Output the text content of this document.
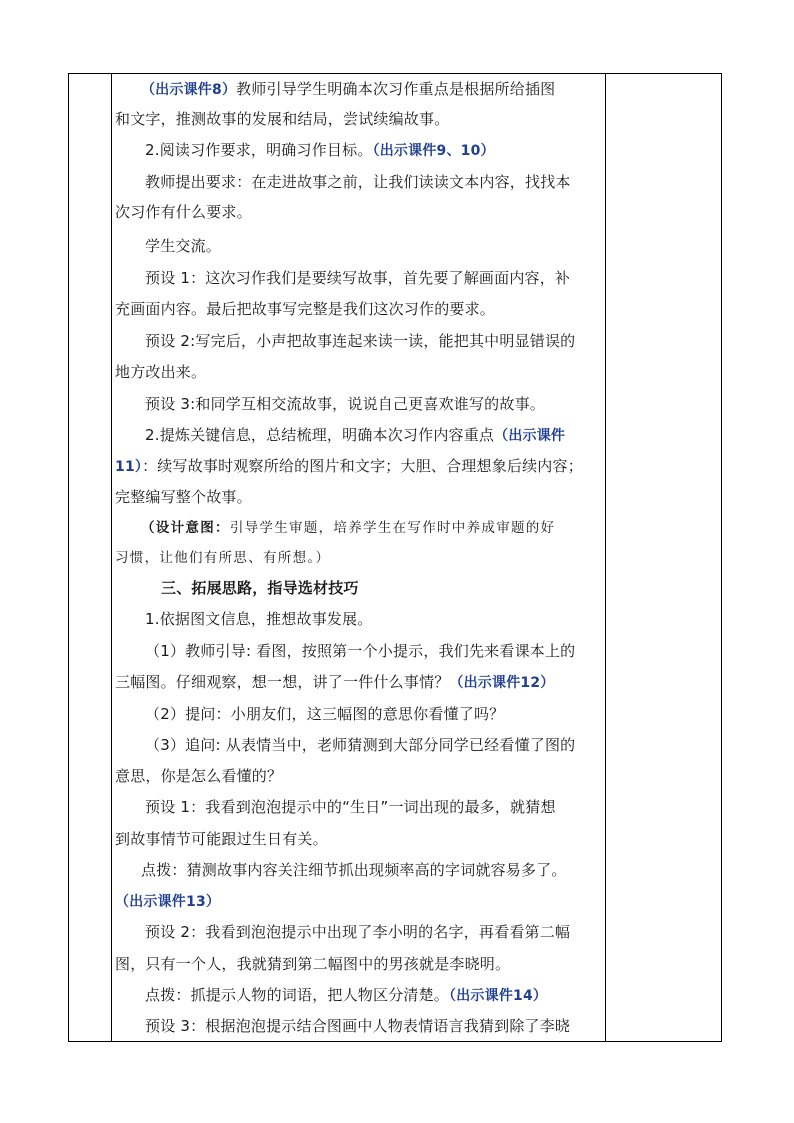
（出示课件8）教师引导学生明确本次习作重点是根据所给插图
和文字，推测故事的发展和结局，尝试续编故事。
2.阅读习作要求，明确习作目标。（出示课件9、10）
教师提出要求：在走进故事之前，让我们读读文本内容，找找本
次习作有什么要求。
学生交流。
预设 1：这次习作我们是要续写故事，首先要了解画面内容，补
充画面内容。最后把故事写完整是我们这次习作的要求。
预设 2:写完后，小声把故事连起来读一读，能把其中明显错误的
地方改出来。
预设 3:和同学互相交流故事，说说自己更喜欢谁写的故事。
2.提炼关键信息，总结梳理，明确本次习作内容重点（出示课件
11）：续写故事时观察所给的图片和文字；大胆、合理想象后续内容；
完整编写整个故事。
（设计意图：引导学生审题，培养学生在写作时中养成审题的好
习惯，让他们有所思、有所想。）
三、拓展思路，指导选材技巧
1.依据图文信息，推想故事发展。
（1）教师引导: 看图，按照第一个小提示，我们先来看课本上的
三幅图。仔细观察，想一想，讲了一件什么事情？（出示课件12）
（2）提问：小朋友们，这三幅图的意思你看懂了吗？
（3）追问: 从表情当中，老师猜测到大部分同学已经看懂了图的
意思，你是怎么看懂的？
预设 1：我看到泡泡提示中的“生日”一词出现的最多，就猜想
到故事情节可能跟过生日有关。
点拨：猜测故事内容关注细节抓出现频率高的字词就容易多了。
（出示课件13）
预设 2：我看到泡泡提示中出现了李小明的名字，再看看第二幅
图，只有一个人，我就猜到第二幅图中的男孩就是李晓明。
点拨：抓提示人物的词语，把人物区分清楚。（出示课件14）
预设 3：根据泡泡提示结合图画中人物表情语言我猜到除了李晓
